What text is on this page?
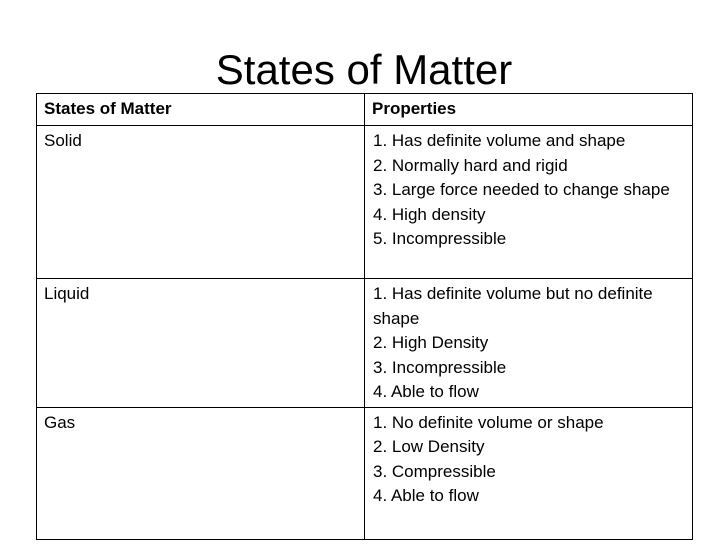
States of Matter
States of Matter	Properties
Solid	1. Has definite volume and shape
2. Normally hard and rigid
3. Large force needed to change shape
4. High density
5. Incompressible

Liquid	1. Has definite volume but no definite shape
2. High Density
3. Incompressible
4. Able to flow

Gas	1. No definite volume or shape
2. Low Density
3. Compressible
4. Able to flow
